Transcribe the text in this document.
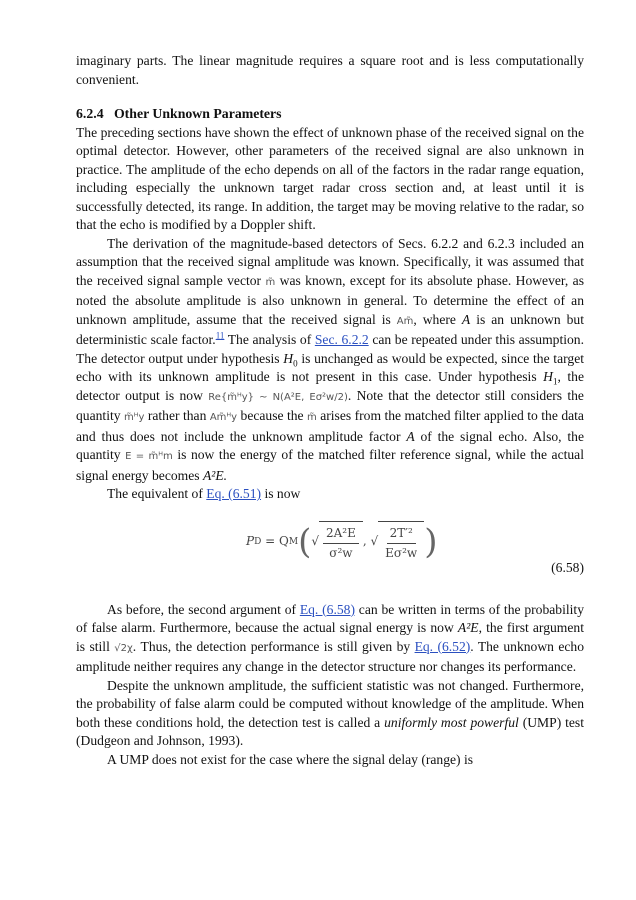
imaginary parts. The linear magnitude requires a square root and is less computationally convenient.

6.2.4 Other Unknown Parameters

The preceding sections have shown the effect of unknown phase of the received signal on the optimal detector. However, other parameters of the received signal are also unknown in practice. The amplitude of the echo depends on all of the factors in the radar range equation, including especially the unknown target radar cross section and, at least until it is successfully detected, its range. In addition, the target may be moving relative to the radar, so that the echo is modified by a Doppler shift.

The derivation of the magnitude-based detectors of Secs. 6.2.2 and 6.2.3 included an assumption that the received signal amplitude was known. Specifically, it was assumed that the received signal sample vector m̃ was known, except for its absolute phase. However, as noted the absolute amplitude is also unknown in general. To determine the effect of an unknown amplitude, assume that the received signal is Am̃, where A is an unknown but deterministic scale factor.$^{11}$ The analysis of Sec. 6.2.2 can be repeated under this assumption. The detector output under hypothesis $H_0$ is unchanged as would be expected, since the target echo with its unknown amplitude is not present in this case. Under hypothesis $H_1$, the detector output is now Re{m̃ᴴy} ~ N(A²E, Eσ²w/2). Note that the detector still considers the quantity m̃ᴴy rather than Am̃ᴴy because the m̃ arises from the matched filter applied to the data and thus does not include the unknown amplitude factor A of the signal echo. Also, the quantity E = m̃ᴴm is now the energy of the matched filter reference signal, while the actual signal energy becomes A²E.

The equivalent of Eq. (6.51) is now

P D
= Q M ( √ $\frac{\text{2A²E}}{\text{σ²w}}$ ,
√ $\frac{\text{2T′²}}{\text{Eσ²w}}$ )
(6.58)

As before, the second argument of Eq. (6.58) can be written in terms of the probability of false alarm. Furthermore, because the actual signal energy is now A²E, the first argument is still √2χ. Thus, the detection performance is still given by Eq. (6.52). The unknown echo amplitude neither requires any change in the detector structure nor changes its performance.

Despite the unknown amplitude, the sufficient statistic was not changed. Furthermore, the probability of false alarm could be computed without knowledge of the amplitude. When both these conditions hold, the detection test is called a uniformly most powerful (UMP) test (Dudgeon and Johnson, 1993).

A UMP does not exist for the case where the signal delay (range) is
